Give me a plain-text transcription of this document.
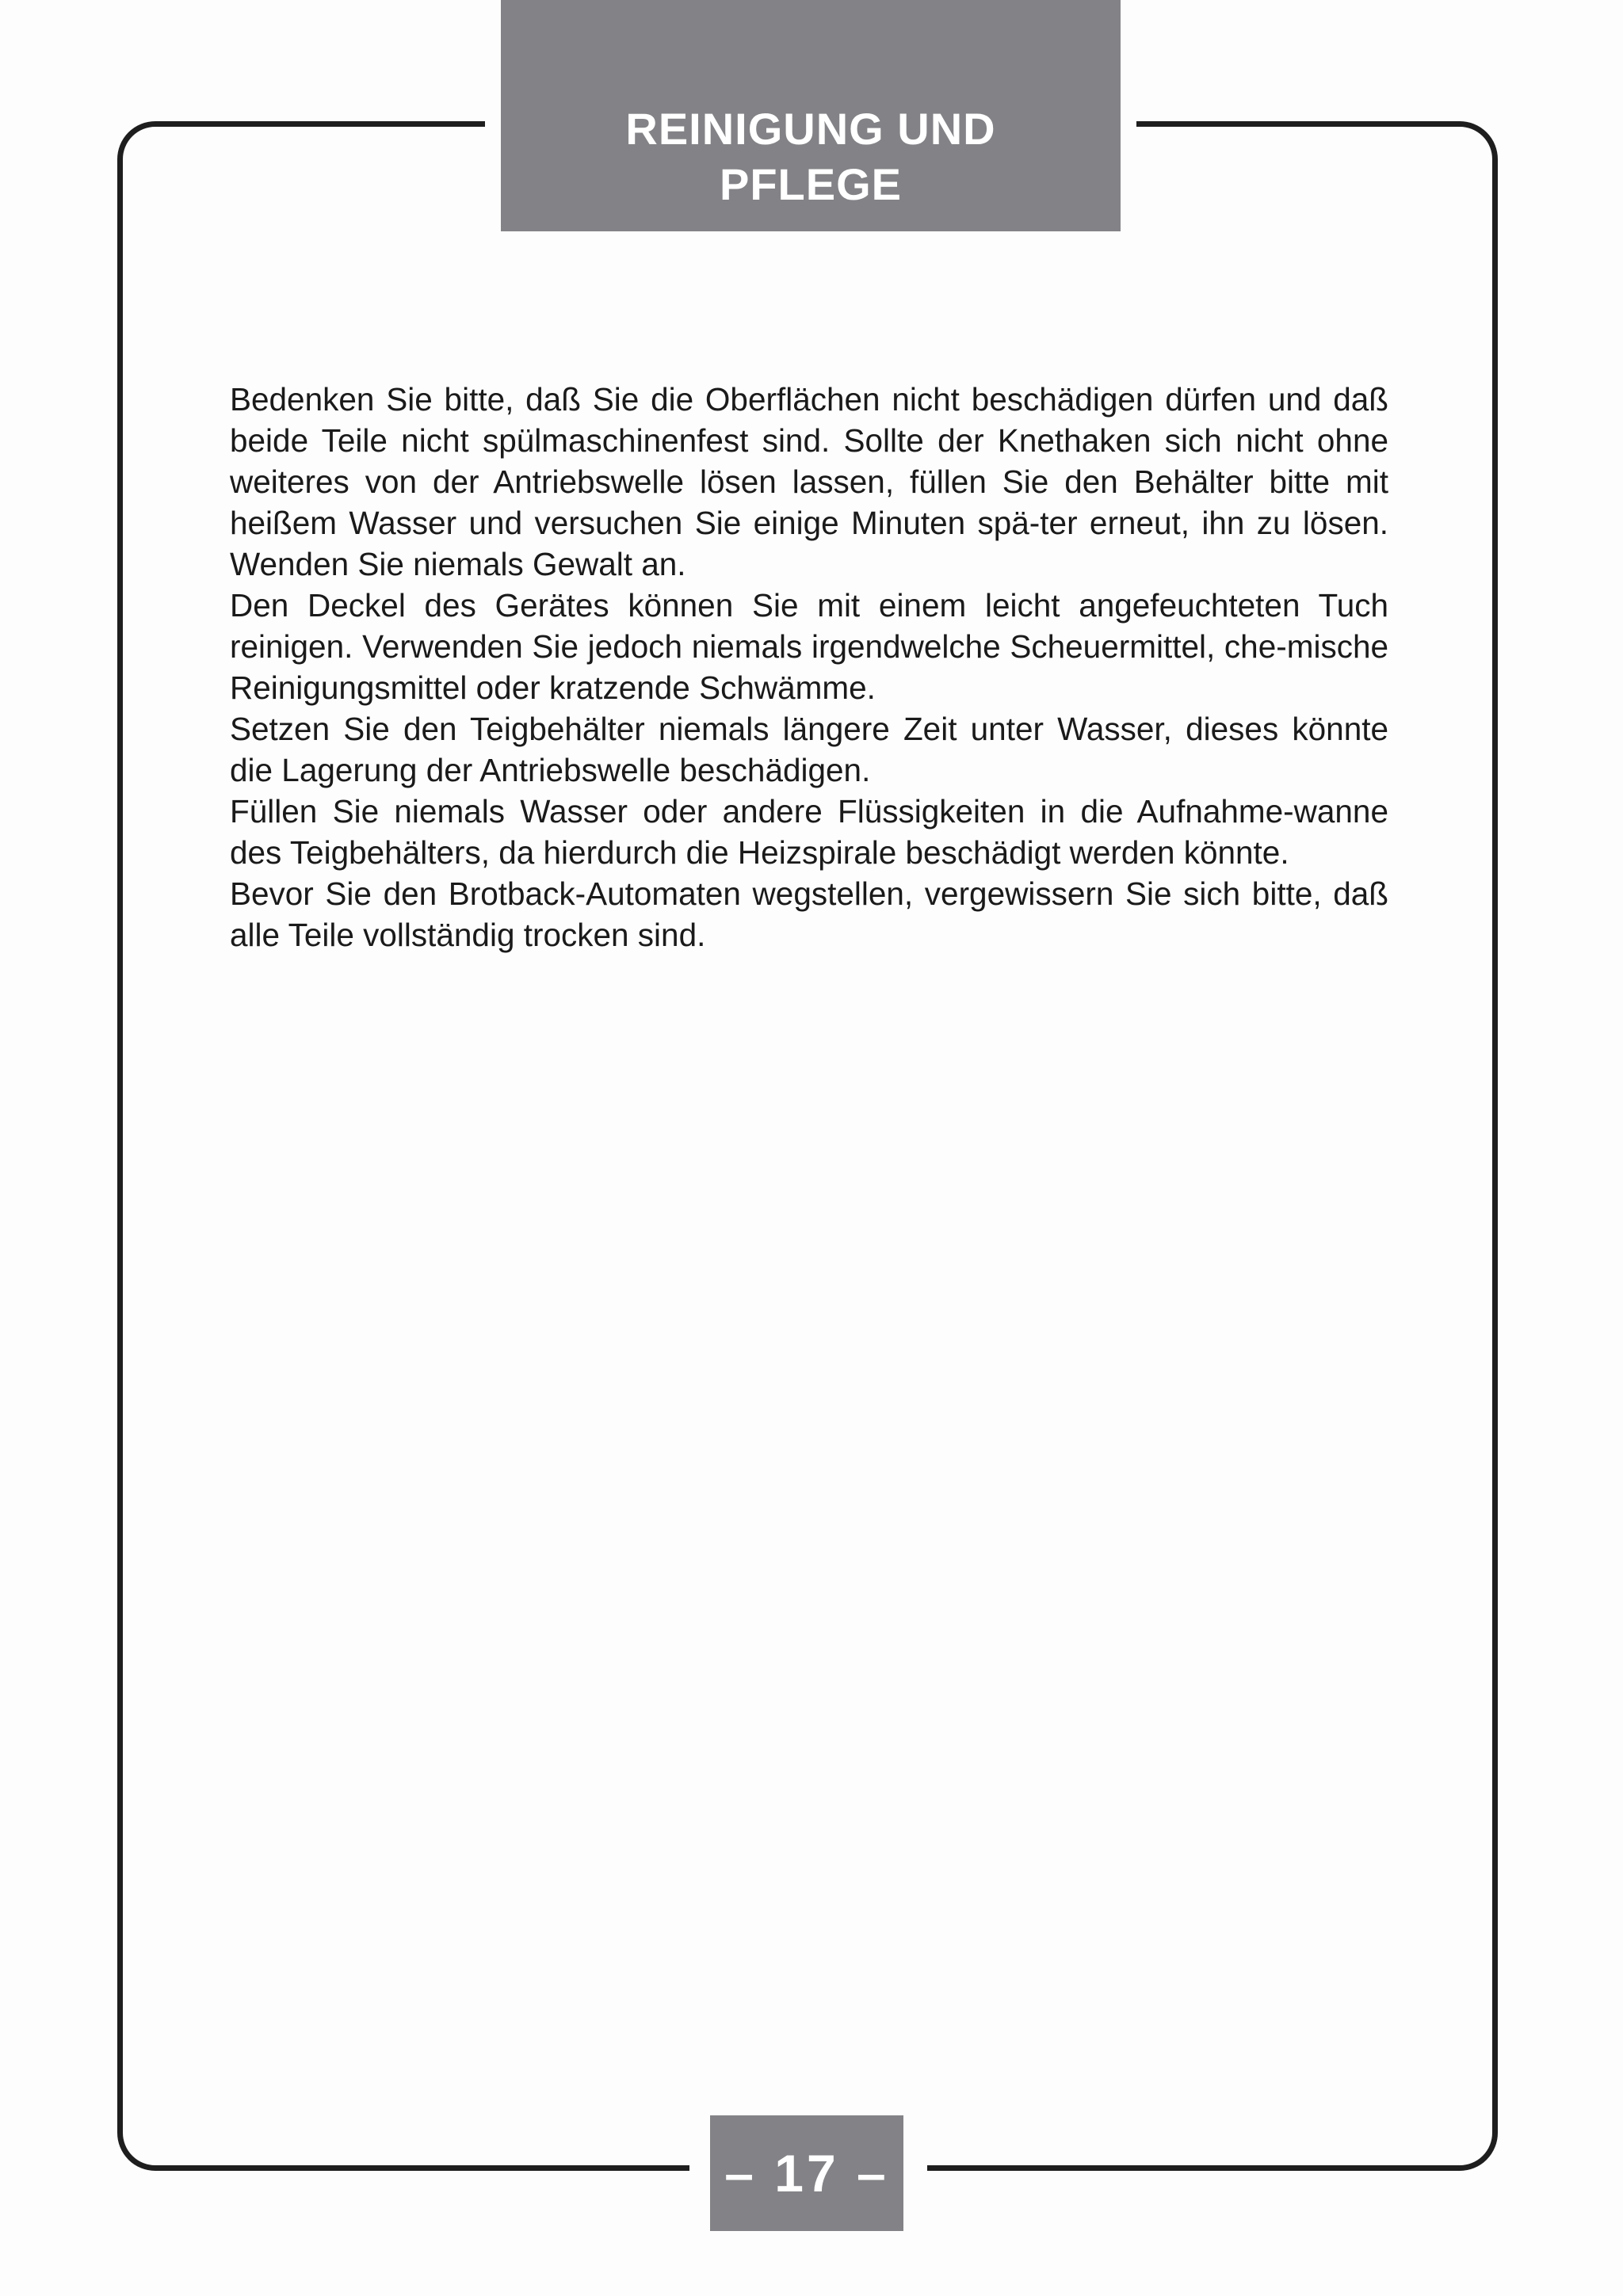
REINIGUNG UND
PFLEGE

Bedenken Sie bitte, daß Sie die Oberflächen nicht beschädigen dürfen und daß beide Teile nicht spülmaschinenfest sind. Sollte der Knethaken sich nicht ohne weiteres von der Antriebswelle lösen lassen, füllen Sie den Behälter bitte mit heißem Wasser und versuchen Sie einige Minuten spä-ter erneut, ihn zu lösen. Wenden Sie niemals Gewalt an.

Den Deckel des Gerätes können Sie mit einem leicht angefeuchteten Tuch reinigen. Verwenden Sie jedoch niemals irgendwelche Scheuermittel, che-mische Reinigungsmittel oder kratzende Schwämme.

Setzen Sie den Teigbehälter niemals längere Zeit unter Wasser, dieses könnte die Lagerung der Antriebswelle beschädigen.

Füllen Sie niemals Wasser oder andere Flüssigkeiten in die Aufnahme-wanne des Teigbehälters, da hierdurch die Heizspirale beschädigt werden könnte.

Bevor Sie den Brotback-Automaten wegstellen, vergewissern Sie sich bitte, daß alle Teile vollständig trocken sind.

– 17 –
